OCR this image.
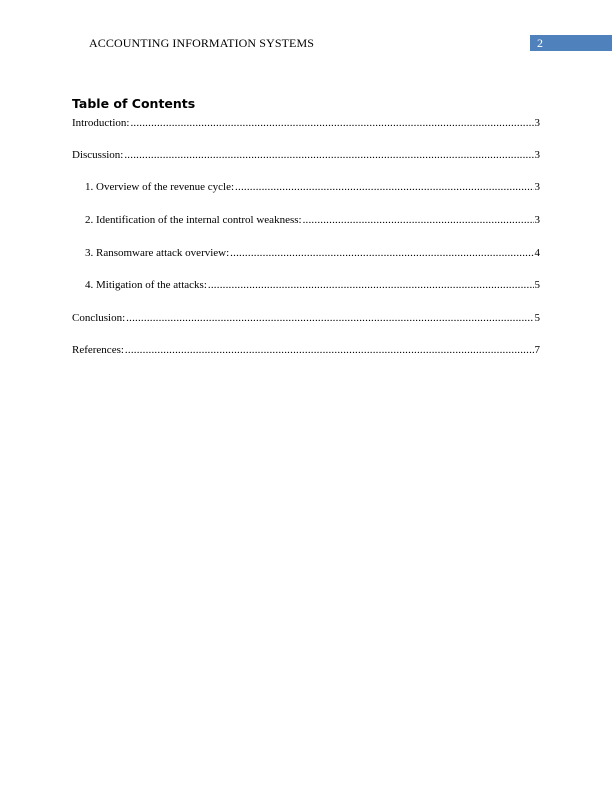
ACCOUNTING INFORMATION SYSTEMS	2
Table of Contents
Introduction: .....	3
Discussion: .....	3
1. Overview of the revenue cycle: .....	3
2. Identification of the internal control weakness: .....	3
3. Ransomware attack overview: .....	4
4. Mitigation of the attacks: .....	5
Conclusion: .....	5
References: .....	7
